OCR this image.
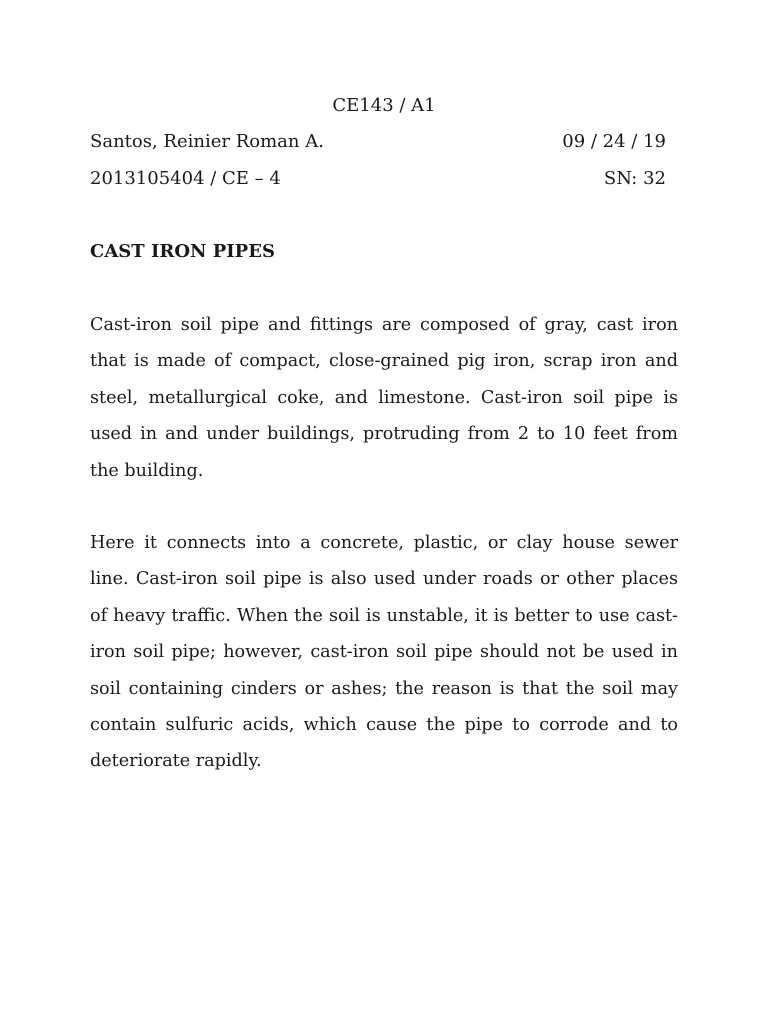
CE143 / A1
Santos, Reinier Roman A.	09 / 24 / 19
2013105404 / CE – 4	SN: 32
CAST IRON PIPES

Cast-iron soil pipe and fittings are composed of gray, cast iron that is made of compact, close-grained pig iron, scrap iron and steel, metallurgical coke, and limestone. Cast-iron soil pipe is used in and under buildings, protruding from 2 to 10 feet from the building.

Here it connects into a concrete, plastic, or clay house sewer line. Cast-iron soil pipe is also used under roads or other places of heavy traffic. When the soil is unstable, it is better to use cast- iron soil pipe; however, cast-iron soil pipe should not be used in soil containing cinders or ashes; the reason is that the soil may contain sulfuric acids, which cause the pipe to corrode and to deteriorate rapidly.
